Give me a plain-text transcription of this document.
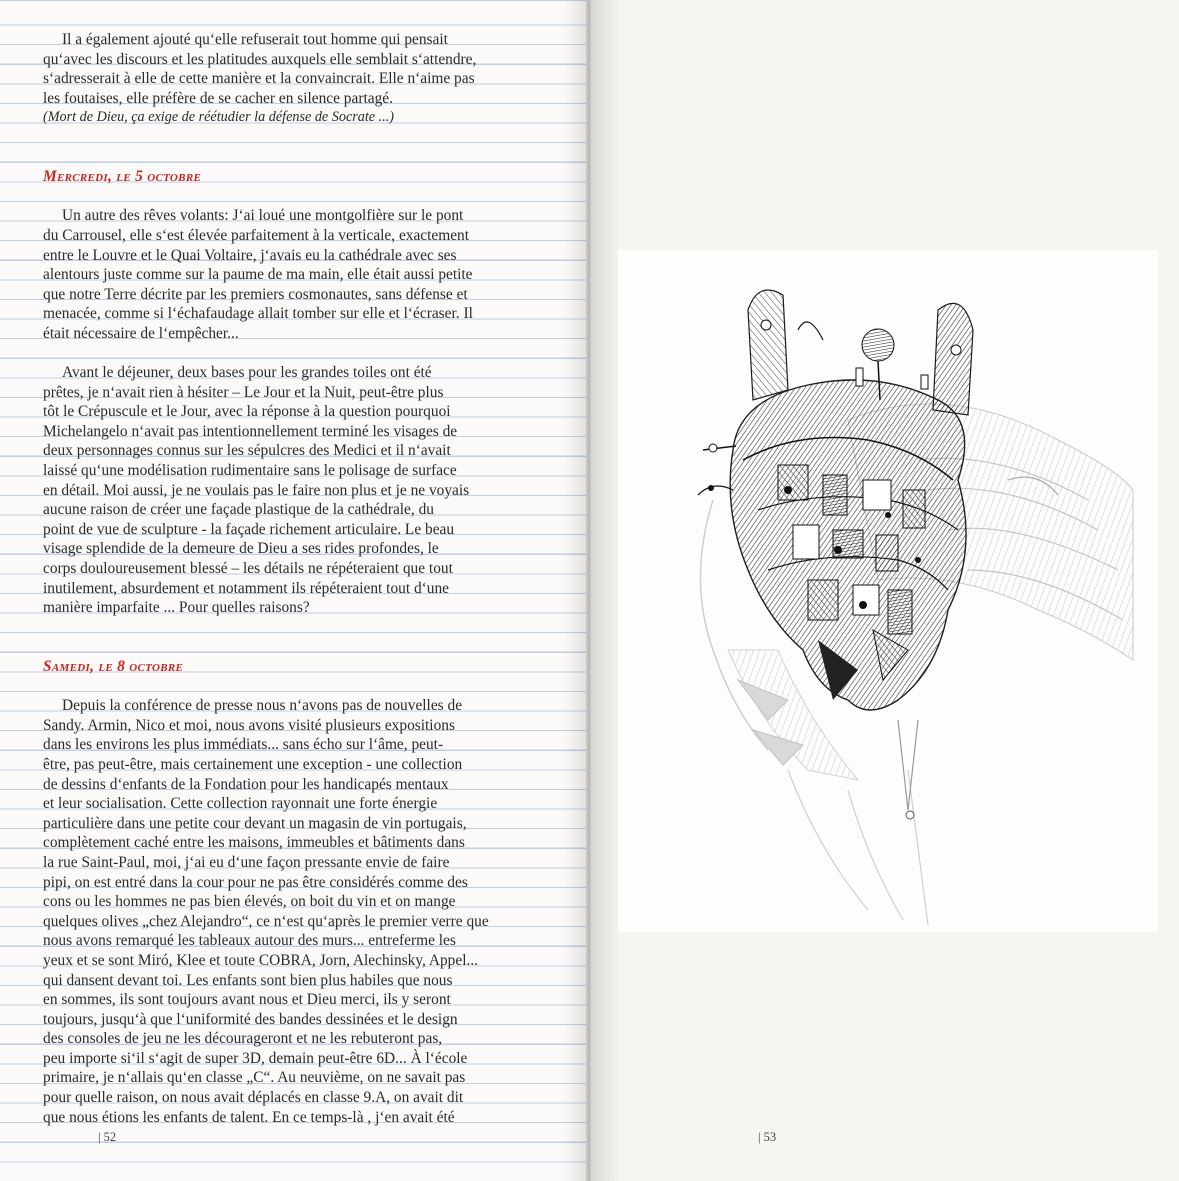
Il a également ajouté qu‘elle refuserait tout homme qui pensait
qu‘avec les discours et les platitudes auxquels elle semblait s‘attendre,
s‘adresserait à elle de cette manière et la convaincrait. Elle n‘aime pas
les foutaises, elle préfère de se cacher en silence partagé.
(Mort de Dieu, ça exige de réétudier la défense de Socrate ...)
Mercredi, le 5 octobre
Un autre des rêves volants: J‘ai loué une montgolfière sur le pont
du Carrousel, elle s‘est élevée parfaitement à la verticale, exactement
entre le Louvre et le Quai Voltaire, j‘avais eu la cathédrale avec ses
alentours juste comme sur la paume de ma main, elle était aussi petite
que notre Terre décrite par les premiers cosmonautes, sans défense et
menacée, comme si l‘échafaudage allait tomber sur elle et l‘écraser. Il
était nécessaire de l‘empêcher...
Avant le déjeuner, deux bases pour les grandes toiles ont été
prêtes, je n‘avait rien à hésiter – Le Jour et la Nuit, peut-être plus
tôt le Crépuscule et le Jour, avec la réponse à la question pourquoi
Michelangelo n‘avait pas intentionnellement terminé les visages de
deux personnages connus sur les sépulcres des Medici et il n‘avait
laissé qu‘une modélisation rudimentaire sans le polisage de surface
en détail. Moi aussi, je ne voulais pas le faire non plus et je ne voyais
aucune raison de créer une façade plastique de la cathédrale, du
point de vue de sculpture - la façade richement articulaire. Le beau
visage splendide de la demeure de Dieu a ses rides profondes, le
corps douloureusement blessé – les détails ne répéteraient que tout
inutilement, absurdement et notamment ils répéteraient tout d‘une
manière imparfaite ... Pour quelles raisons?
Samedi, le 8 octobre
Depuis la conférence de presse nous n‘avons pas de nouvelles de
Sandy. Armin, Nico et moi, nous avons visité plusieurs expositions
dans les environs les plus immédiats... sans écho sur l‘âme, peut-
être, pas peut-être, mais certainement une exception - une collection
de dessins d‘enfants de la Fondation pour les handicapés mentaux
et leur socialisation. Cette collection rayonnait une forte énergie
particulière dans une petite cour devant un magasin de vin portugais,
complètement caché entre les maisons, immeubles et bâtiments dans
la rue Saint-Paul, moi, j‘ai eu d‘une façon pressante envie de faire
pipi, on est entré dans la cour pour ne pas être considérés comme des
cons ou les hommes ne pas bien élevés, on boit du vin et on mange
quelques olives „chez Alejandro“, ce n‘est qu‘après le premier verre que
nous avons remarqué les tableaux autour des murs... entreferme les
yeux et se sont Miró, Klee et toute COBRA, Jorn, Alechinsky, Appel...
qui dansent devant toi. Les enfants sont bien plus habiles que nous
en sommes, ils sont toujours avant nous et Dieu merci, ils y seront
toujours, jusqu‘à que l‘uniformité des bandes dessinées et le design
des consoles de jeu ne les décourageront et ne les rebuteront pas,
peu importe si‘il s‘agit de super 3D, demain peut-être 6D... À l‘école
primaire, je n‘allais qu‘en classe „C“. Au neuvième, on ne savait pas
pour quelle raison, on nous avait déplacés en classe 9.A, on avait dit
que nous étions les enfants de talent. En ce temps-là , j‘en avait été
| 52	| 53
